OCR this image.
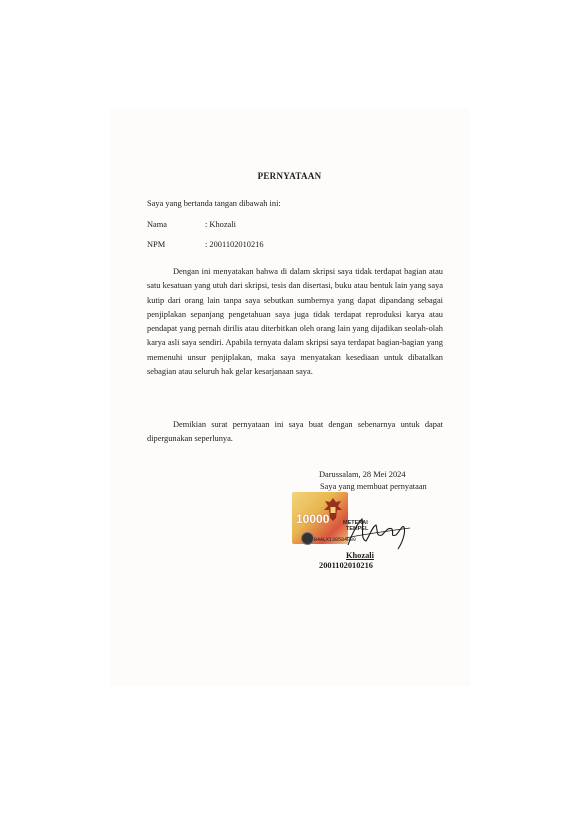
PERNYATAAN
Saya yang bertanda tangan dibawah ini:
Nama	: Khozali
NPM	: 2001102010216
Dengan ini menyatakan bahwa di dalam skripsi saya tidak terdapat bagian atau satu kesatuan yang utuh dari skripsi, tesis dan disertasi, buku atau bentuk lain yang saya kutip dari orang lain tanpa saya sebutkan sumbernya yang dapat dipandang sebagai penjiplakan sepanjang pengetahuan saya juga tidak terdapat reproduksi karya atau pendapat yang pernah dirilis atau diterbitkan oleh orang lain yang dijadikan seolah-olah karya asli saya sendiri. Apabila ternyata dalam skripsi saya terdapat bagian-bagian yang memenuhi unsur penjiplakan, maka saya menyatakan kesediaan untuk dibatalkan sebagian atau seluruh hak gelar kesarjanaan saya.
Demikian surat pernyataan ini saya buat dengan sebenarnya untuk dapat dipergunakan seperlunya.
Darussalam, 28 Mei 2024
Saya yang membuat pernyataan
10000 METERAI
TEMPEL
B4ALX130584080
Khozali
2001102010216
